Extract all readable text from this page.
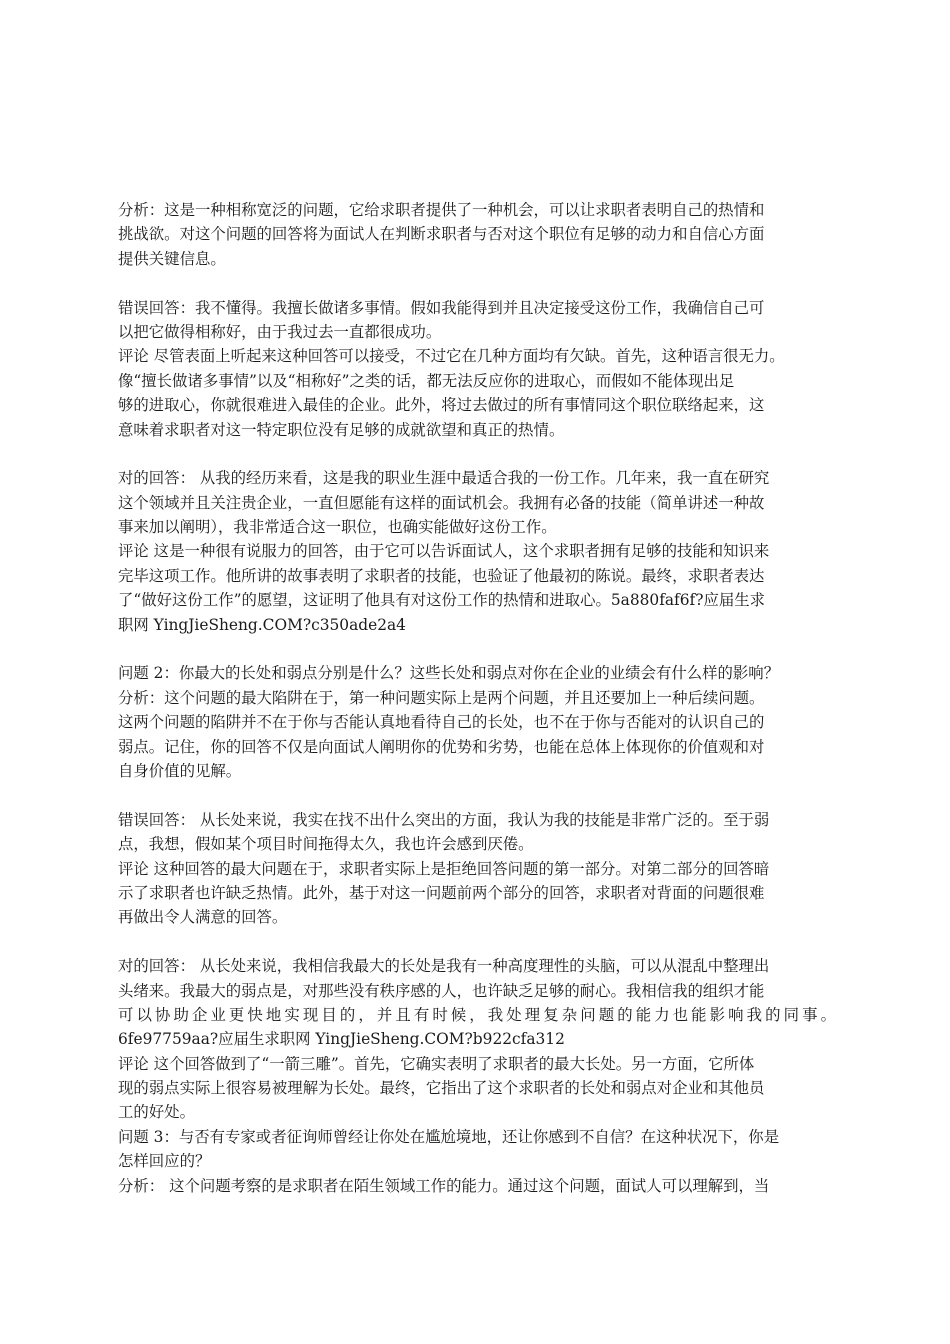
分析：这是一种相称宽泛的问题，它给求职者提供了一种机会，可以让求职者表明自己的热情和
挑战欲。对这个问题的回答将为面试人在判断求职者与否对这个职位有足够的动力和自信心方面
提供关键信息。
错误回答：我不懂得。我擅长做诸多事情。假如我能得到并且决定接受这份工作，我确信自己可
以把它做得相称好，由于我过去一直都很成功。
评论 尽管表面上听起来这种回答可以接受，不过它在几种方面均有欠缺。首先，这种语言很无力。
像“擅长做诸多事情”以及“相称好”之类的话，都无法反应你的进取心，而假如不能体现出足
够的进取心，你就很难进入最佳的企业。此外，将过去做过的所有事情同这个职位联络起来，这
意味着求职者对这一特定职位没有足够的成就欲望和真正的热情。
对的回答： 从我的经历来看，这是我的职业生涯中最适合我的一份工作。几年来，我一直在研究
这个领域并且关注贵企业，一直但愿能有这样的面试机会。我拥有必备的技能（简单讲述一种故
事来加以阐明），我非常适合这一职位，也确实能做好这份工作。
评论 这是一种很有说服力的回答，由于它可以告诉面试人，这个求职者拥有足够的技能和知识来
完毕这项工作。他所讲的故事表明了求职者的技能，也验证了他最初的陈说。最终，求职者表达
了“做好这份工作”的愿望，这证明了他具有对这份工作的热情和进取心。5a880faf6f?应届生求
职网 YingJieSheng.COM?c350ade2a4
问题 2：你最大的长处和弱点分别是什么？这些长处和弱点对你在企业的业绩会有什么样的影响？
分析：这个问题的最大陷阱在于，第一种问题实际上是两个问题，并且还要加上一种后续问题。
这两个问题的陷阱并不在于你与否能认真地看待自己的长处，也不在于你与否能对的认识自己的
弱点。记住，你的回答不仅是向面试人阐明你的优势和劣势，也能在总体上体现你的价值观和对
自身价值的见解。
错误回答： 从长处来说，我实在找不出什么突出的方面，我认为我的技能是非常广泛的。至于弱
点，我想，假如某个项目时间拖得太久，我也许会感到厌倦。
评论 这种回答的最大问题在于，求职者实际上是拒绝回答问题的第一部分。对第二部分的回答暗
示了求职者也许缺乏热情。此外，基于对这一问题前两个部分的回答，求职者对背面的问题很难
再做出令人满意的回答。
对的回答： 从长处来说，我相信我最大的长处是我有一种高度理性的头脑，可以从混乱中整理出
头绪来。我最大的弱点是，对那些没有秩序感的人，也许缺乏足够的耐心。我相信我的组织才能
可以协助企业更快地实现目的，并且有时候，我处理复杂问题的能力也能影响我的同事。
6fe97759aa?应届生求职网 YingJieSheng.COM?b922cfa312
评论 这个回答做到了“一箭三雕”。首先，它确实表明了求职者的最大长处。另一方面，它所体
现的弱点实际上很容易被理解为长处。最终，它指出了这个求职者的长处和弱点对企业和其他员
工的好处。
问题 3：与否有专家或者征询师曾经让你处在尴尬境地，还让你感到不自信？在这种状况下，你是
怎样回应的？
分析： 这个问题考察的是求职者在陌生领域工作的能力。通过这个问题，面试人可以理解到，当
